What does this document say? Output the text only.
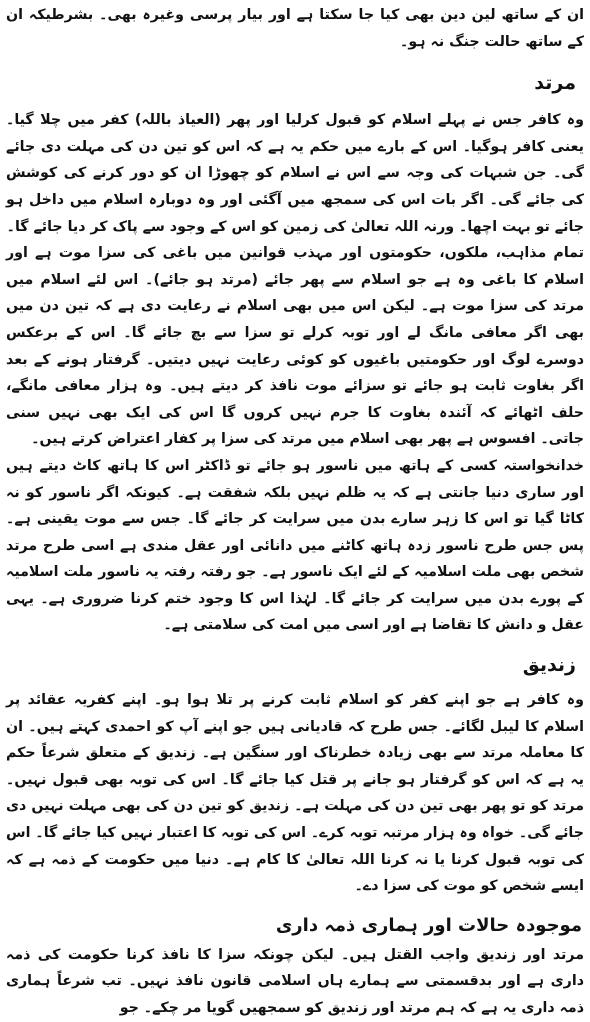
ان کے ساتھ لین دین بھی کیا جا سکتا ہے اور بیار پرسی وغیرہ بھی۔ بشرطیکہ ان کے ساتھ حالت جنگ نہ ہو۔

مرتد

وہ کافر جس نے پہلے اسلام کو قبول کرلیا اور پھر (العیاذ باللہ) کفر میں چلا گیا۔ یعنی کافر ہوگیا۔ اس کے بارے میں حکم یہ ہے کہ اس کو تین دن کی مہلت دی جائے گی۔ جن شبہات کی وجہ سے اس نے اسلام کو چھوڑا ان کو دور کرنے کی کوشش کی جائے گی۔ اگر بات اس کی سمجھ میں آگئی اور وہ دوبارہ اسلام میں داخل ہو جائے تو بہت اچھا۔ ورنہ اللہ تعالیٰ کی زمین کو اس کے وجود سے پاک کر دیا جائے گا۔

تمام مذاہب، ملکوں، حکومتوں اور مہذب قوانین میں باغی کی سزا موت ہے اور اسلام کا باغی وہ ہے جو اسلام سے پھر جائے (مرتد ہو جائے)۔ اس لئے اسلام میں مرتد کی سزا موت ہے۔ لیکن اس میں بھی اسلام نے رعایت دی ہے کہ تین دن میں بھی اگر معافی مانگ لے اور توبہ کرلے تو سزا سے بچ جائے گا۔ اس کے برعکس دوسرے لوگ اور حکومتیں باغیوں کو کوئی رعایت نہیں دیتیں۔ گرفتار ہونے کے بعد اگر بغاوت ثابت ہو جائے تو سزائے موت نافذ کر دیتے ہیں۔ وہ ہزار معافی مانگے، حلف اٹھائے کہ آئندہ بغاوت کا جرم نہیں کروں گا اس کی ایک بھی نہیں سنی جاتی۔ افسوس ہے پھر بھی اسلام میں مرتد کی سزا پر کفار اعتراض کرتے ہیں۔

خدانخواستہ کسی کے ہاتھ میں ناسور ہو جائے تو ڈاکٹر اس کا ہاتھ کاٹ دیتے ہیں اور ساری دنیا جانتی ہے کہ یہ ظلم نہیں بلکہ شفقت ہے۔ کیونکہ اگر ناسور کو نہ کاٹا گیا تو اس کا زہر سارے بدن میں سرایت کر جائے گا۔ جس سے موت یقینی ہے۔ پس جس طرح ناسور زدہ ہاتھ کاٹنے میں دانائی اور عقل مندی ہے اسی طرح مرتد شخص بھی ملت اسلامیہ کے لئے ایک ناسور ہے۔ جو رفتہ رفتہ یہ ناسور ملت اسلامیہ کے پورے بدن میں سرایت کر جائے گا۔ لہٰذا اس کا وجود ختم کرنا ضروری ہے۔ یہی عقل و دانش کا تقاضا ہے اور اسی میں امت کی سلامتی ہے۔

زندیق

وہ کافر ہے جو اپنے کفر کو اسلام ثابت کرنے پر تلا ہوا ہو۔ اپنے کفریہ عقائد پر اسلام کا لیبل لگائے۔ جس طرح کہ قادیانی ہیں جو اپنے آپ کو احمدی کہتے ہیں۔ ان کا معاملہ مرتد سے بھی زیادہ خطرناک اور سنگین ہے۔ زندیق کے متعلق شرعاً حکم یہ ہے کہ اس کو گرفتار ہو جانے پر قتل کیا جائے گا۔ اس کی توبہ بھی قبول نہیں۔ مرتد کو تو پھر بھی تین دن کی مہلت ہے۔ زندیق کو تین دن کی بھی مہلت نہیں دی جائے گی۔ خواہ وہ ہزار مرتبہ توبہ کرے۔ اس کی توبہ کا اعتبار نہیں کیا جائے گا۔ اس کی توبہ قبول کرنا یا نہ کرنا اللہ تعالیٰ کا کام ہے۔ دنیا میں حکومت کے ذمہ ہے کہ ایسے شخص کو موت کی سزا دے۔

موجودہ حالات اور ہماری ذمہ داری

مرتد اور زندیق واجب القتل ہیں۔ لیکن چونکہ سزا کا نافذ کرنا حکومت کی ذمہ داری ہے اور بدقسمتی سے ہمارے ہاں اسلامی قانون نافذ نہیں۔ تب شرعاً ہماری ذمہ داری یہ ہے کہ ہم مرتد اور زندیق کو سمجھیں گویا مر چکے۔ جو
